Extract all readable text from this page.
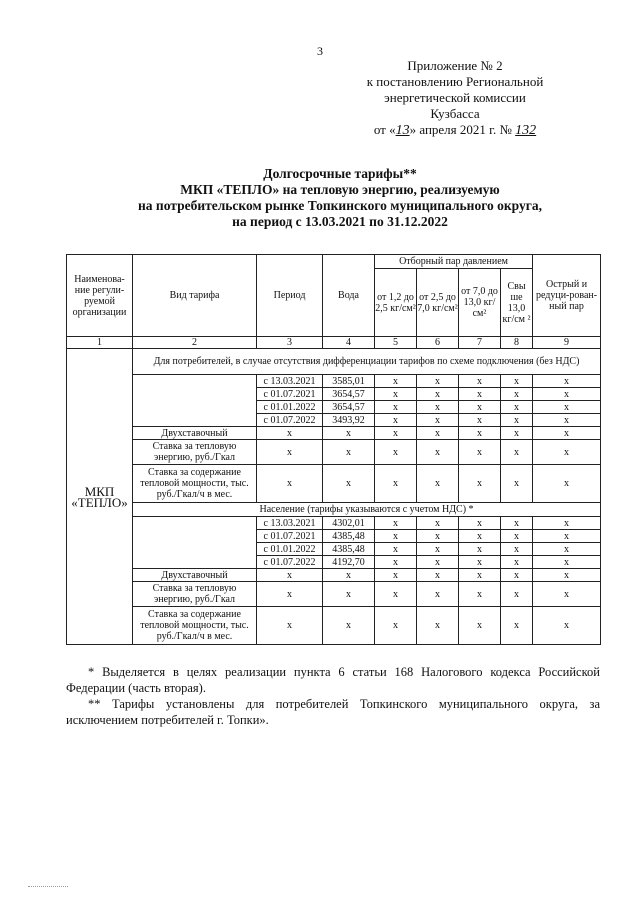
3
Приложение № 2
к постановлению Региональной
энергетической комиссии
Кузбасса
от «13» апреля 2021 г. № 132
Долгосрочные тарифы**
МКП «ТЕПЛО» на тепловую энергию, реализуемую
на потребительском рынке Топкинского муниципального округа,
на период с 13.03.2021 по 31.12.2022
Наименова-ние регули-руемой организации	Вид тарифа	Период	Вода	Отборный пар давлением				Острый и редуци-рован-ный пар
				от 1,2 до 2,5 кг/см²	от 2,5 до 7,0 кг/см²	от 7,0 до 13,0 кг/см²	Свы ше 13,0 кг/см ²	
1	2	3	4	5	6	7	8	9
МКП «ТЕПЛО»	Для потребителей, в случае отсутствия дифференциации тарифов по схеме подключения (без НДС)							
		с 13.03.2021	3585,01	х	х	х	х	х
		с 01.07.2021	3654,57	х	х	х	х	х
		с 01.01.2022	3654,57	х	х	х	х	х
		с 01.07.2022	3493,92	х	х	х	х	х
	Двухставочный	х	х	х	х	х	х	х
	Ставка за тепловую энергию, руб./Гкал	х	х	х	х	х	х	х
	Ставка за содержание тепловой мощности, тыс. руб./Гкал/ч в мес.	х	х	х	х	х	х	х
	Население (тарифы указываются с учетом НДС) *							
		с 13.03.2021	4302,01	х	х	х	х	х
		с 01.07.2021	4385,48	х	х	х	х	х
		с 01.01.2022	4385,48	х	х	х	х	х
		с 01.07.2022	4192,70	х	х	х	х	х
	Двухставочный	х	х	х	х	х	х	х
	Ставка за тепловую энергию, руб./Гкал	х	х	х	х	х	х	х
	Ставка за содержание тепловой мощности, тыс. руб./Гкал/ч в мес.	х	х	х	х	х	х	х

* Выделяется в целях реализации пункта 6 статьи 168 Налогового кодекса Российской Федерации (часть вторая).

** Тарифы установлены для потребителей Топкинского муниципального округа, за исключением потребителей г. Топки».
